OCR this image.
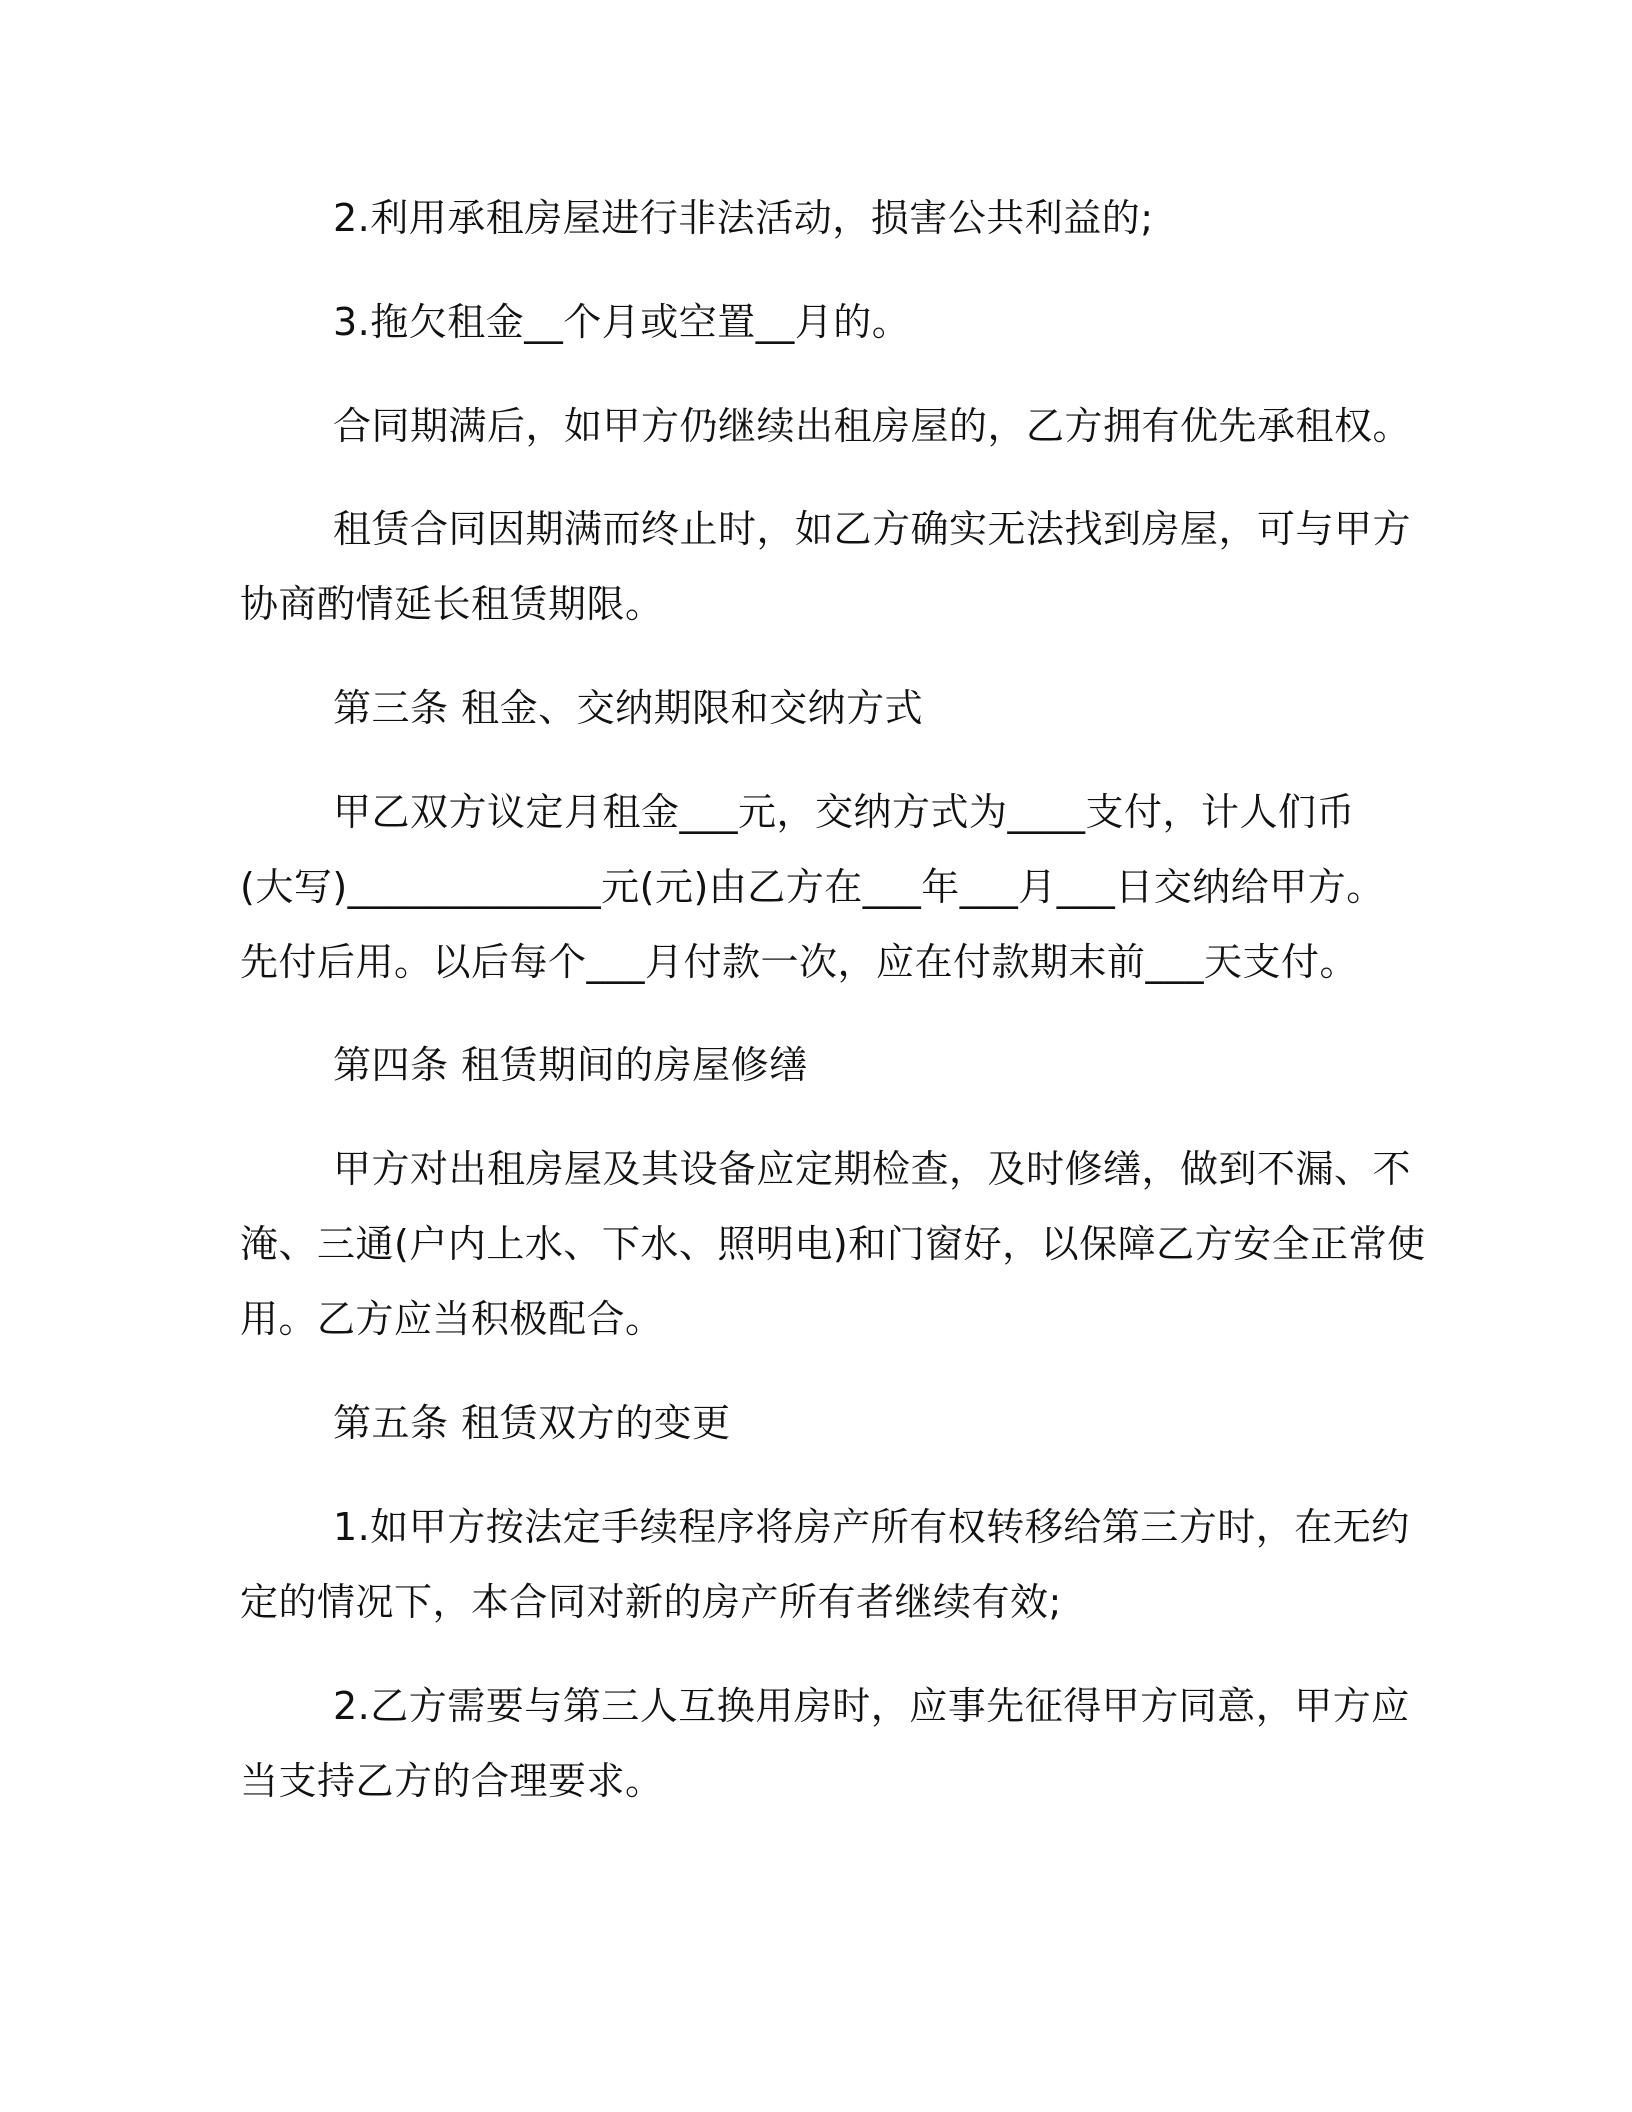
2.利用承租房屋进行非法活动，损害公共利益的;
3.拖欠租金__个月或空置__月的。
合同期满后，如甲方仍继续出租房屋的，乙方拥有优先承租权。
租赁合同因期满而终止时，如乙方确实无法找到房屋，可与甲方
协商酌情延长租赁期限。
第三条 租金、交纳期限和交纳方式
甲乙双方议定月租金___元，交纳方式为____支付，计人们币
(大写)_____________元(元)由乙方在___年___月___日交纳给甲方。
先付后用。以后每个___月付款一次，应在付款期末前___天支付。
第四条 租赁期间的房屋修缮
甲方对出租房屋及其设备应定期检查，及时修缮，做到不漏、不
淹、三通(户内上水、下水、照明电)和门窗好，以保障乙方安全正常使
用。乙方应当积极配合。
第五条 租赁双方的变更
1.如甲方按法定手续程序将房产所有权转移给第三方时，在无约
定的情况下，本合同对新的房产所有者继续有效;
2.乙方需要与第三人互换用房时，应事先征得甲方同意，甲方应
当支持乙方的合理要求。
